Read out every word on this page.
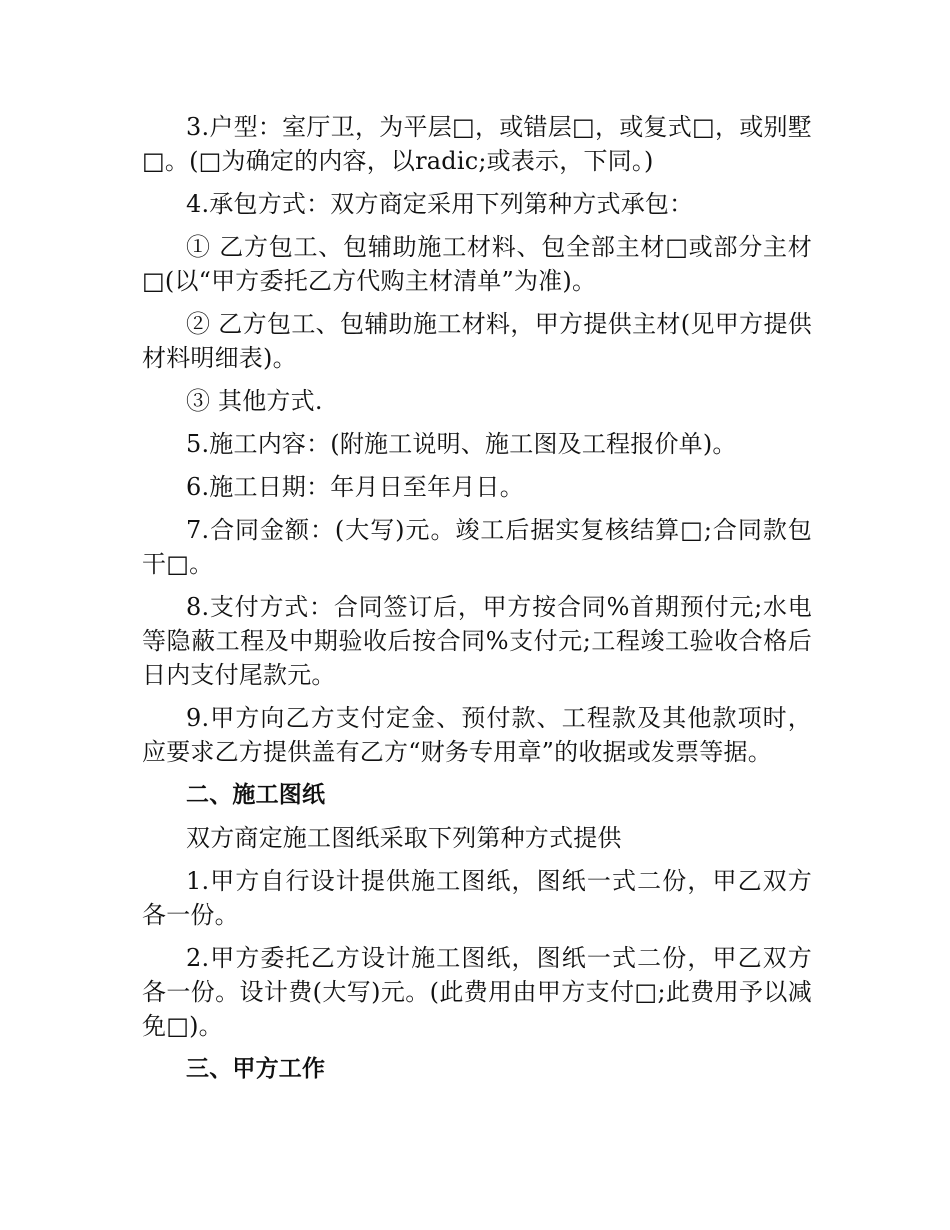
3.户型：室厅卫，为平层□，或错层□，或复式□，或别墅□。(□为确定的内容，以radic;或表示，下同。)

4.承包方式：双方商定采用下列第种方式承包：

① 乙方包工、包辅助施工材料、包全部主材□或部分主材□(以“甲方委托乙方代购主材清单”为准)。

② 乙方包工、包辅助施工材料，甲方提供主材(见甲方提供材料明细表)。

③ 其他方式.

5.施工内容：(附施工说明、施工图及工程报价单)。

6.施工日期：年月日至年月日。

7.合同金额：(大写)元。竣工后据实复核结算□;合同款包干□。

8.支付方式：合同签订后，甲方按合同%首期预付元;水电等隐蔽工程及中期验收后按合同%支付元;工程竣工验收合格后日内支付尾款元。

9.甲方向乙方支付定金、预付款、工程款及其他款项时，应要求乙方提供盖有乙方“财务专用章”的收据或发票等据。

二、施工图纸

双方商定施工图纸采取下列第种方式提供

1.甲方自行设计提供施工图纸，图纸一式二份，甲乙双方各一份。

2.甲方委托乙方设计施工图纸，图纸一式二份，甲乙双方各一份。设计费(大写)元。(此费用由甲方支付□;此费用予以减免□)。

三、甲方工作
